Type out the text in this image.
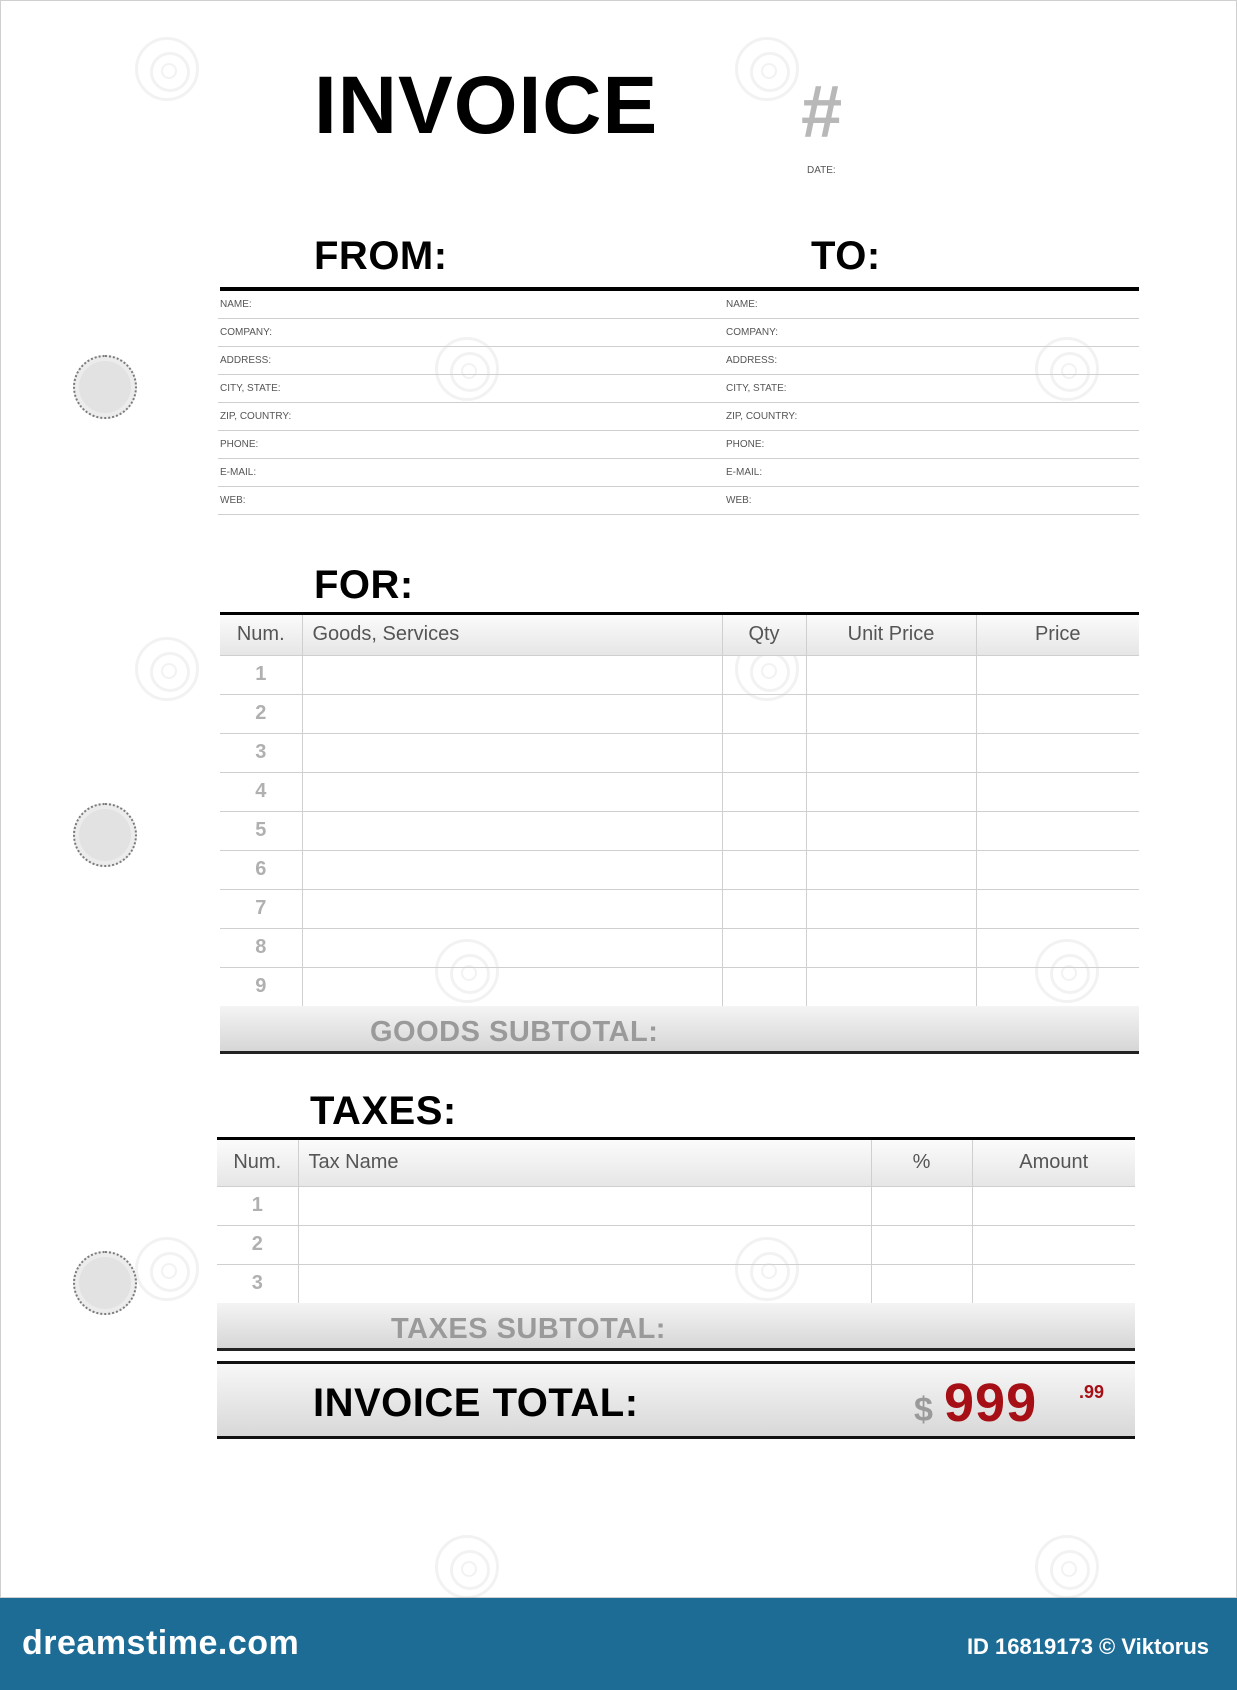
INVOICE #
DATE:
FROM:	TO:
NAME:
COMPANY:
ADDRESS:
CITY, STATE:
ZIP, COUNTRY:
PHONE:
E-MAIL:
WEB:
NAME:
COMPANY:
ADDRESS:
CITY, STATE:
ZIP, COUNTRY:
PHONE:
E-MAIL:
WEB:
FOR:
Num.	Goods, Services	Qty	Unit Price	Price
1				
2				
3				
4				
5				
6				
7				
8				
9				
GOODS SUBTOTAL:
TAXES:
Num.	Tax Name	%	Amount
1			
2			
3			
TAXES SUBTOTAL:
INVOICE TOTAL:	$ 999 .99
dreamstime.com	ID 16819173 © Viktorus
